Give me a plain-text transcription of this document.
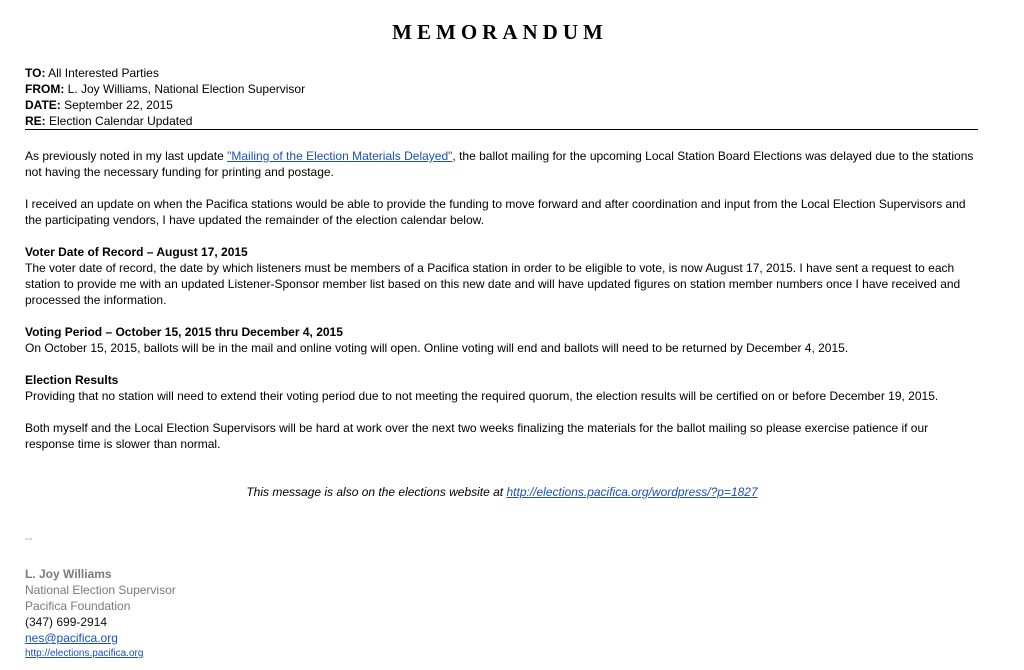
MEMORANDUM
TO: All Interested Parties
FROM: L. Joy Williams, National Election Supervisor
DATE: September 22, 2015
RE: Election Calendar Updated

As previously noted in my last update "Mailing of the Election Materials Delayed", the ballot mailing for the upcoming Local Station Board Elections was delayed due to the stations not having the necessary funding for printing and postage.

I received an update on when the Pacifica stations would be able to provide the funding to move forward and after coordination and input from the Local Election Supervisors and the participating vendors, I have updated the remainder of the election calendar below.

Voter Date of Record – August 17, 2015

The voter date of record, the date by which listeners must be members of a Pacifica station in order to be eligible to vote, is now August 17, 2015. I have sent a request to each station to provide me with an updated Listener-Sponsor member list based on this new date and will have updated figures on station member numbers once I have received and processed the information.

Voting Period – October 15, 2015 thru December 4, 2015

On October 15, 2015, ballots will be in the mail and online voting will open. Online voting will end and ballots will need to be returned by December 4, 2015.

Election Results

Providing that no station will need to extend their voting period due to not meeting the required quorum, the election results will be certified on or before December 19, 2015.

Both myself and the Local Election Supervisors will be hard at work over the next two weeks finalizing the materials for the ballot mailing so please exercise patience if our response time is slower than normal.

This message is also on the elections website at http://elections.pacifica.org/wordpress/?p=1827
--
L. Joy Williams
National Election Supervisor
Pacifica Foundation
(347) 699-2914
nes@pacifica.org
http://elections.pacifica.org
